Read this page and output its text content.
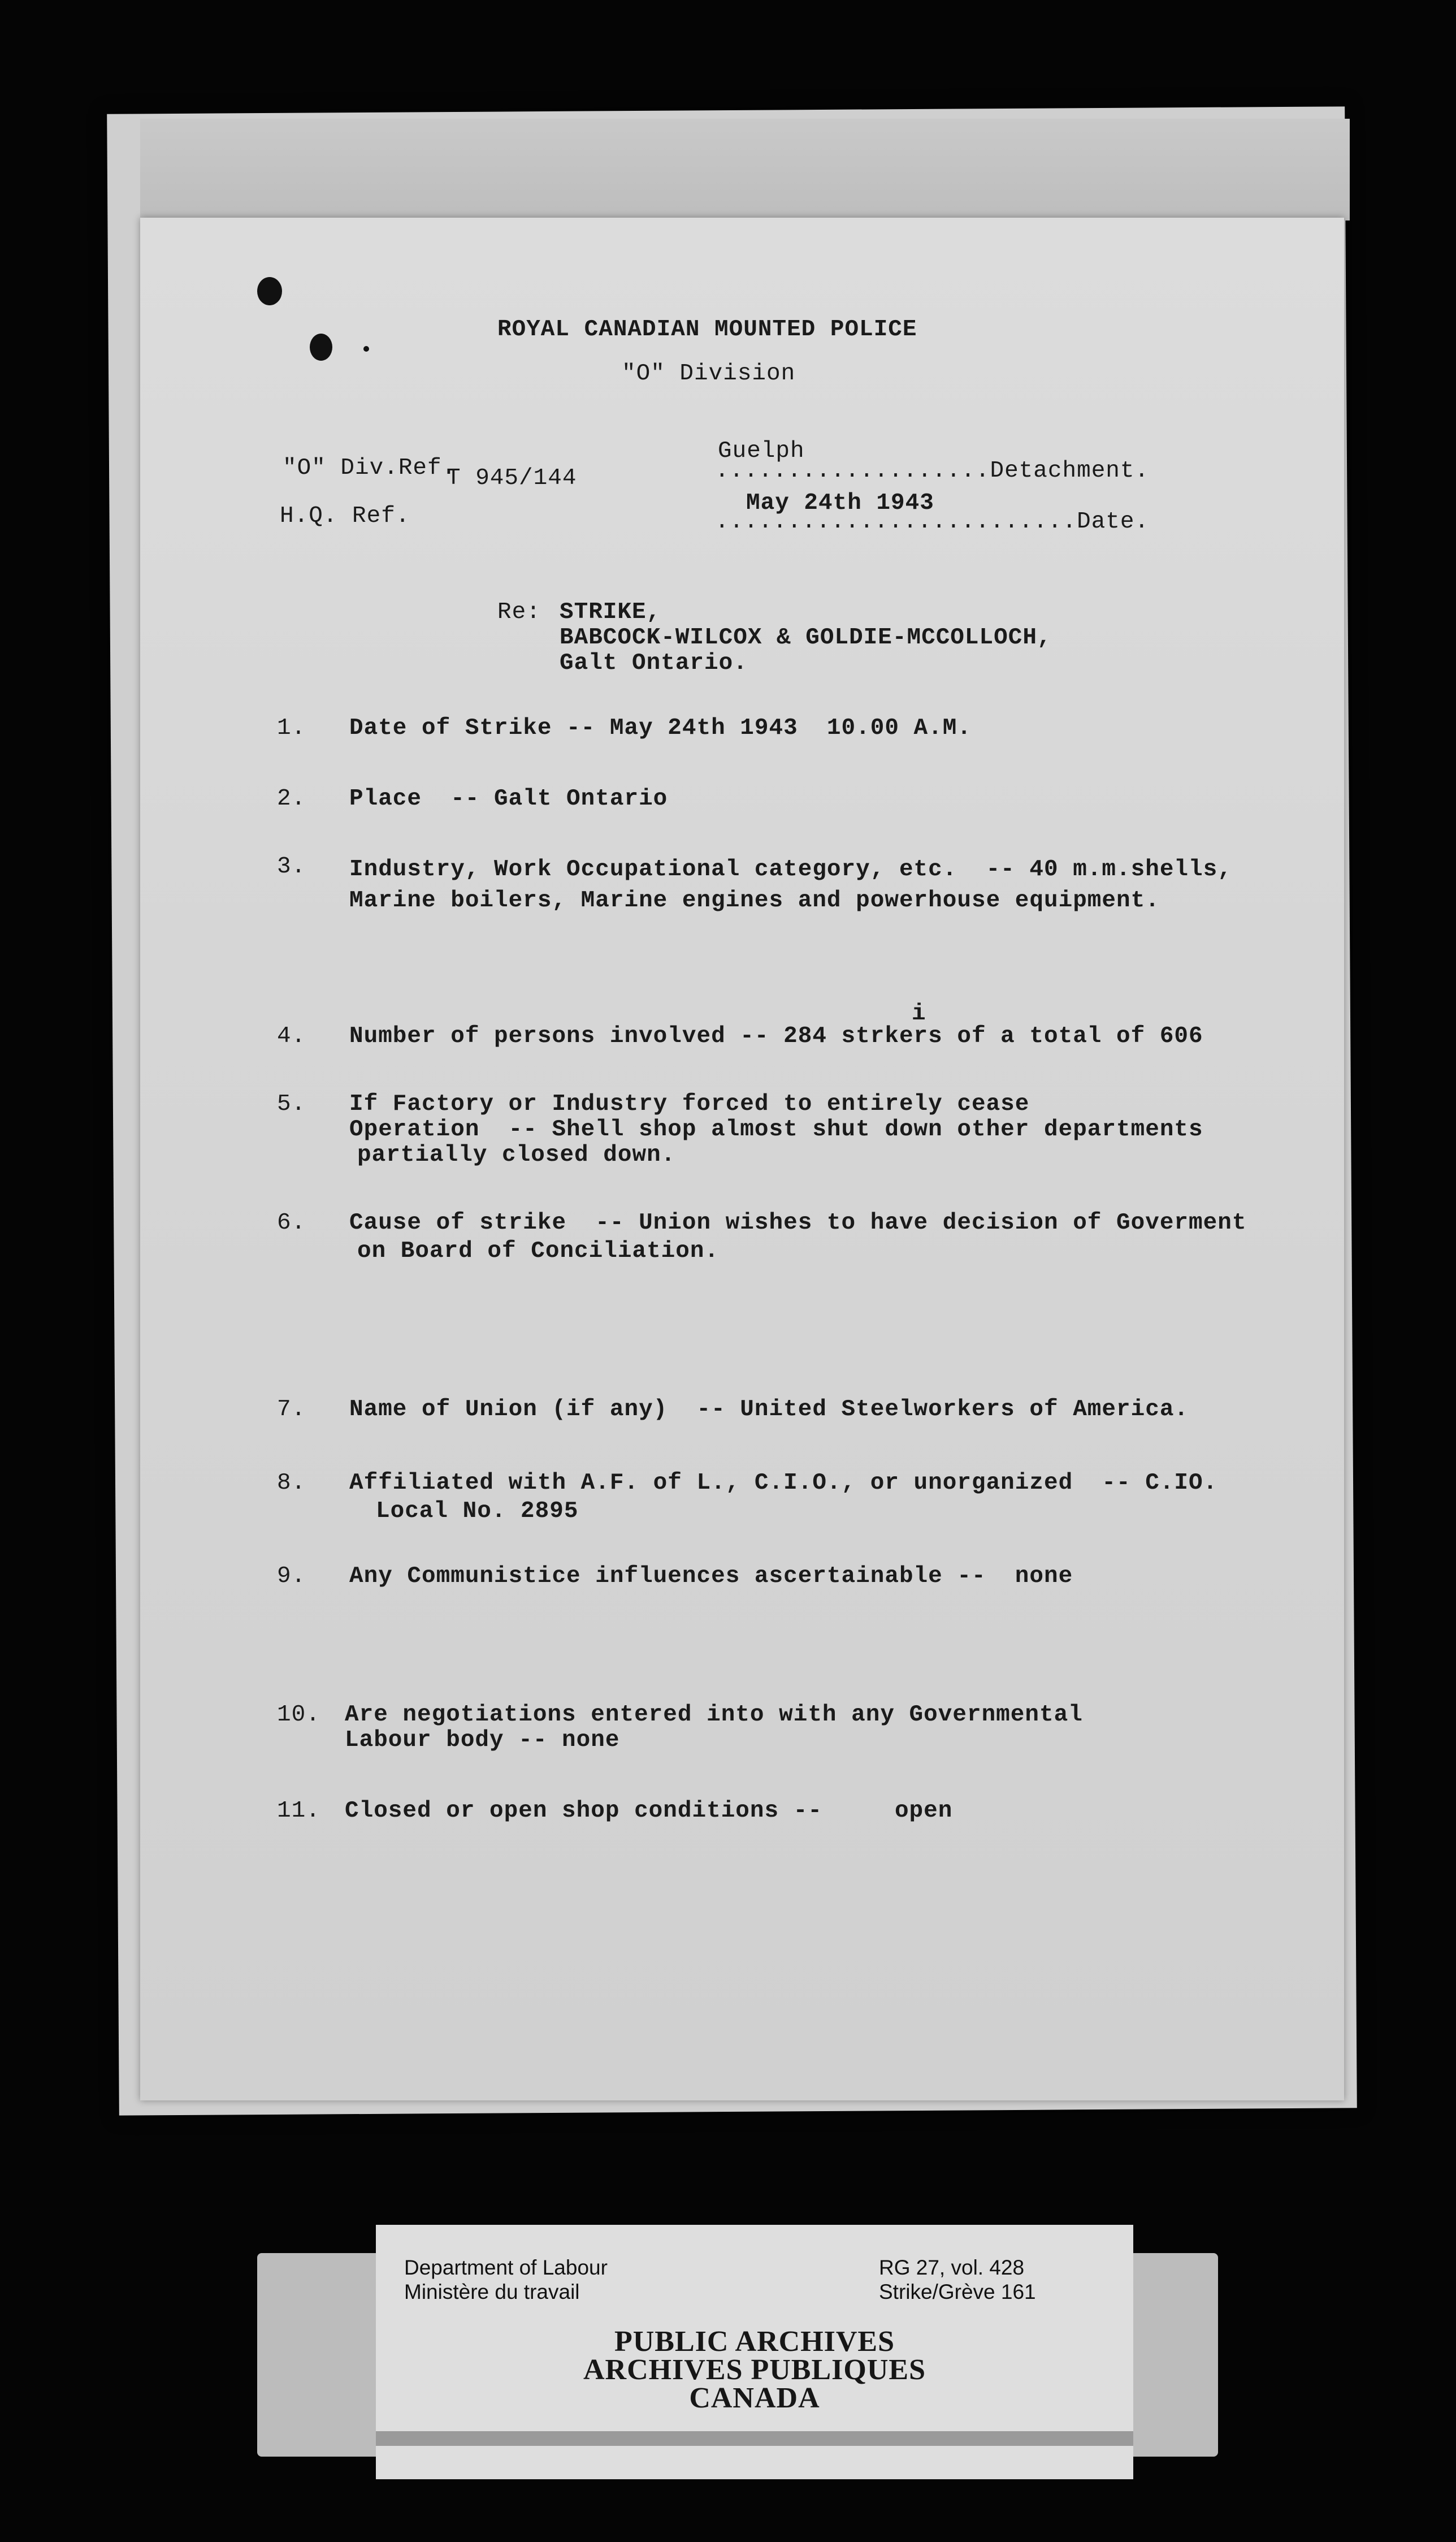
ROYAL CANADIAN MOUNTED POLICE
"O" Division
"O" Div.Ref.
T 945/144
Guelph
...................Detachment.
H.Q. Ref.	May 24th 1943
.........................Date.
Re: STRIKE,
BABCOCK-WILCOX & GOLDIE-MCCOLLOCH,
Galt Ontario.
1. Date of Strike -- May 24th 1943  10.00 A.M.
2. Place  -- Galt Ontario
3. Industry, Work Occupational category, etc.  -- 40 m.m.shells,
Marine boilers, Marine engines and powerhouse equipment.
i
4. Number of persons involved -- 284 strkers of a total of 606
5. If Factory or Industry forced to entirely cease
Operation  -- Shell shop almost shut down other departments
partially closed down.
6. Cause of strike  -- Union wishes to have decision of Goverment
on Board of Conciliation.
7. Name of Union (if any)  -- United Steelworkers of America.
8. Affiliated with A.F. of L., C.I.O., or unorganized  -- C.IO.
Local No. 2895
9. Any Communistice influences ascertainable --  none
10. Are negotiations entered into with any Governmental
Labour body -- none
11. Closed or open shop conditions --     open
Department of Labour
Ministère du travail
RG 27, vol. 428
Strike/Grève 161
PUBLIC ARCHIVES
ARCHIVES PUBLIQUES
CANADA
